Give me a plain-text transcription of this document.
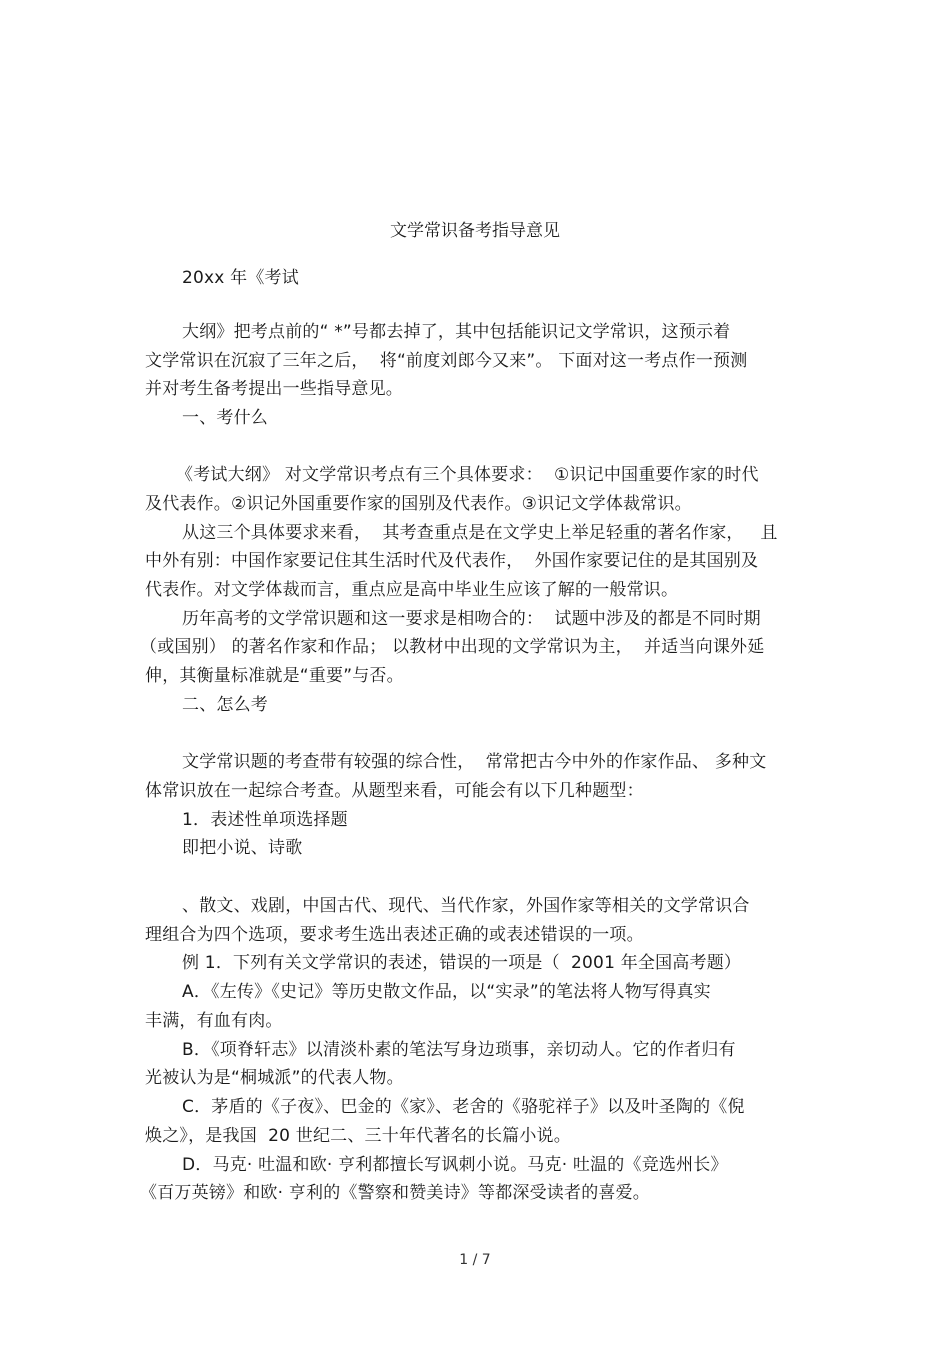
文学常识备考指导意见
20xx 年《考试
大纲》把考点前的“ *”号都去掉了，其中包括能识记文学常识，这预示着
文学常识在沉寂了三年之后，  将“前度刘郎今又来”。 下面对这一考点作一预测
并对考生备考提出一些指导意见。
一、考什么
《考试大纲》 对文学常识考点有三个具体要求：  ①识记中国重要作家的时代
及代表作。②识记外国重要作家的国别及代表作。③识记文学体裁常识。
从这三个具体要求来看，  其考查重点是在文学史上举足轻重的著名作家，   且
中外有别：中国作家要记住其生活时代及代表作，  外国作家要记住的是其国别及
代表作。对文学体裁而言，重点应是高中毕业生应该了解的一般常识。
历年高考的文学常识题和这一要求是相吻合的：  试题中涉及的都是不同时期
（或国别） 的著名作家和作品； 以教材中出现的文学常识为主，  并适当向课外延
伸，其衡量标准就是“重要”与否。
二、怎么考
文学常识题的考查带有较强的综合性，  常常把古今中外的作家作品、 多种文
体常识放在一起综合考查。从题型来看，可能会有以下几种题型：
1．表述性单项选择题
即把小说、诗歌
、散文、戏剧，中国古代、现代、当代作家，外国作家等相关的文学常识合
理组合为四个选项，要求考生选出表述正确的或表述错误的一项。
例 1．下列有关文学常识的表述，错误的一项是（  2001 年全国高考题）
A．《左传》《史记》等历史散文作品，以“实录”的笔法将人物写得真实
丰满，有血有肉。
B．《项脊轩志》以清淡朴素的笔法写身边琐事，亲切动人。它的作者归有
光被认为是“桐城派”的代表人物。
C．茅盾的《子夜》、巴金的《家》、老舍的《骆驼祥子》以及叶圣陶的《倪
焕之》，是我国  20 世纪二、三十年代著名的长篇小说。
D．马克· 吐温和欧· 亨利都擅长写讽刺小说。马克· 吐温的《竞选州长》
《百万英镑》和欧· 亨利的《警察和赞美诗》等都深受读者的喜爱。
1 / 7
